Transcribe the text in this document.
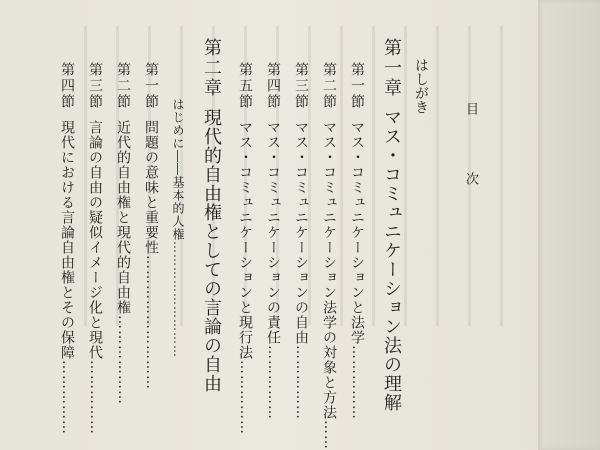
目　次
はしがき
第一章マス・コミュニケーション法の理解
第一節マス・コミュニケーションと法学……………
第二節マス・コミュニケーション法学の対象と方法……
第三節マス・コミュニケーションの自由……………
第四節マス・コミュニケーションの責任……………
第五節マス・コミュニケーションと現行法……………
第二章現代的自由権としての言論の自由
はじめに――基本的人権………………………
第一節問題の意味と重要性………………………
第二節近代的自由権と現代的自由権………………
第三節言論の自由の疑似イメージ化と現代……………
第四節現代における言論自由権とその保障……………
